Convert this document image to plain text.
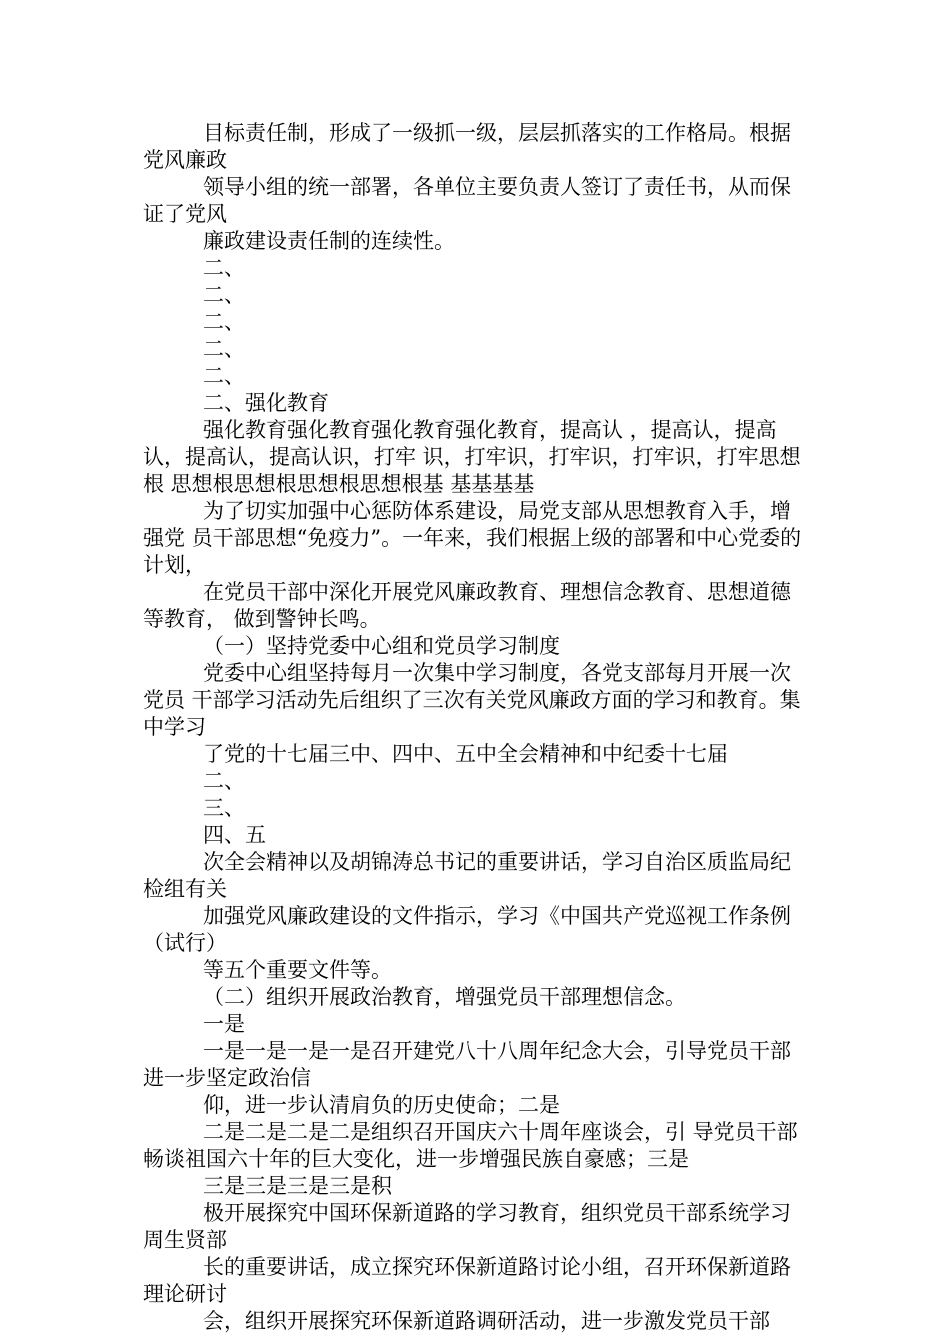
目标责任制，形成了一级抓一级，层层抓落实的工作格局。根据党风廉政

领导小组的统一部署，各单位主要负责人签订了责任书，从而保证了党风

廉政建设责任制的连续性。

二、

二、

二、

二、

二、

二、强化教育

强化教育强化教育强化教育强化教育，提高认 ，提高认，提高认，提高认，提高认识，打牢 识，打牢识，打牢识，打牢识，打牢思想根 思想根思想根思想根思想根基 基基基基

为了切实加强中心惩防体系建设，局党支部从思想教育入手，增强党 员干部思想“免疫力”。一年来，我们根据上级的部署和中心党委的计划，

在党员干部中深化开展党风廉政教育、理想信念教育、思想道德等教育， 做到警钟长鸣。

（一）坚持党委中心组和党员学习制度

党委中心组坚持每月一次集中学习制度，各党支部每月开展一次党员 干部学习活动先后组织了三次有关党风廉政方面的学习和教育。集中学习

了党的十七届三中、四中、五中全会精神和中纪委十七届

二、

三、

四、五

次全会精神以及胡锦涛总书记的重要讲话，学习自治区质监局纪检组有关

加强党风廉政建设的文件指示，学习《中国共产党巡视工作条例（试行）

等五个重要文件等。

（二）组织开展政治教育，增强党员干部理想信念。

一是

一是一是一是一是召开建党八十八周年纪念大会，引导党员干部进一步坚定政治信

仰，进一步认清肩负的历史使命；二是

二是二是二是二是组织召开国庆六十周年座谈会，引 导党员干部畅谈祖国六十年的巨大变化，进一步增强民族自豪感；三是

三是三是三是三是积

极开展探究中国环保新道路的学习教育，组织党员干部系统学习周生贤部

长的重要讲话，成立探究环保新道路讨论小组，召开环保新道路理论研讨

会，组织开展探究环保新道路调研活动，进一步激发党员干部
